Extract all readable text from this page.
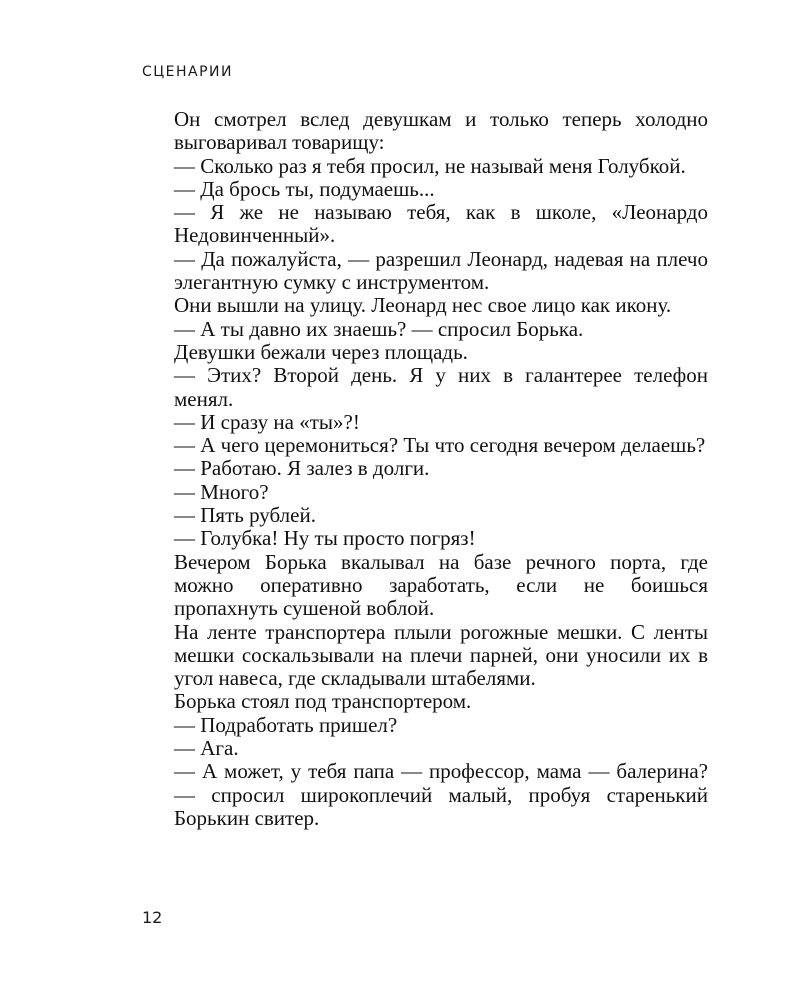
СЦЕНАРИИ

Он смотрел вслед девушкам и только теперь холодно выговаривал товарищу:

— Сколько раз я тебя просил, не называй меня Голубкой.

— Да брось ты, подумаешь...

— Я же не называю тебя, как в школе, «Леонардо Недовинченный».

— Да пожалуйста, — разрешил Леонард, надевая на плечо элегантную сумку с инструментом.

Они вышли на улицу. Леонард нес свое лицо как икону.

— А ты давно их знаешь? — спросил Борька.

Девушки бежали через площадь.

— Этих? Второй день. Я у них в галантерее телефон менял.

— И сразу на «ты»?!

— А чего церемониться? Ты что сегодня вечером делаешь?

— Работаю. Я залез в долги.

— Много?

— Пять рублей.

— Голубка! Ну ты просто погряз!

Вечером Борька вкалывал на базе речного порта, где можно оперативно заработать, если не боишься пропахнуть сушеной воблой.

На ленте транспортера плыли рогожные мешки. С ленты мешки соскальзывали на плечи парней, они уносили их в угол навеса, где складывали штабелями.

Борька стоял под транспортером.

— Подработать пришел?

— Ага.

— А может, у тебя папа — профессор, мама — балерина? — спросил широкоплечий малый, пробуя старенький Борькин свитер.

12
